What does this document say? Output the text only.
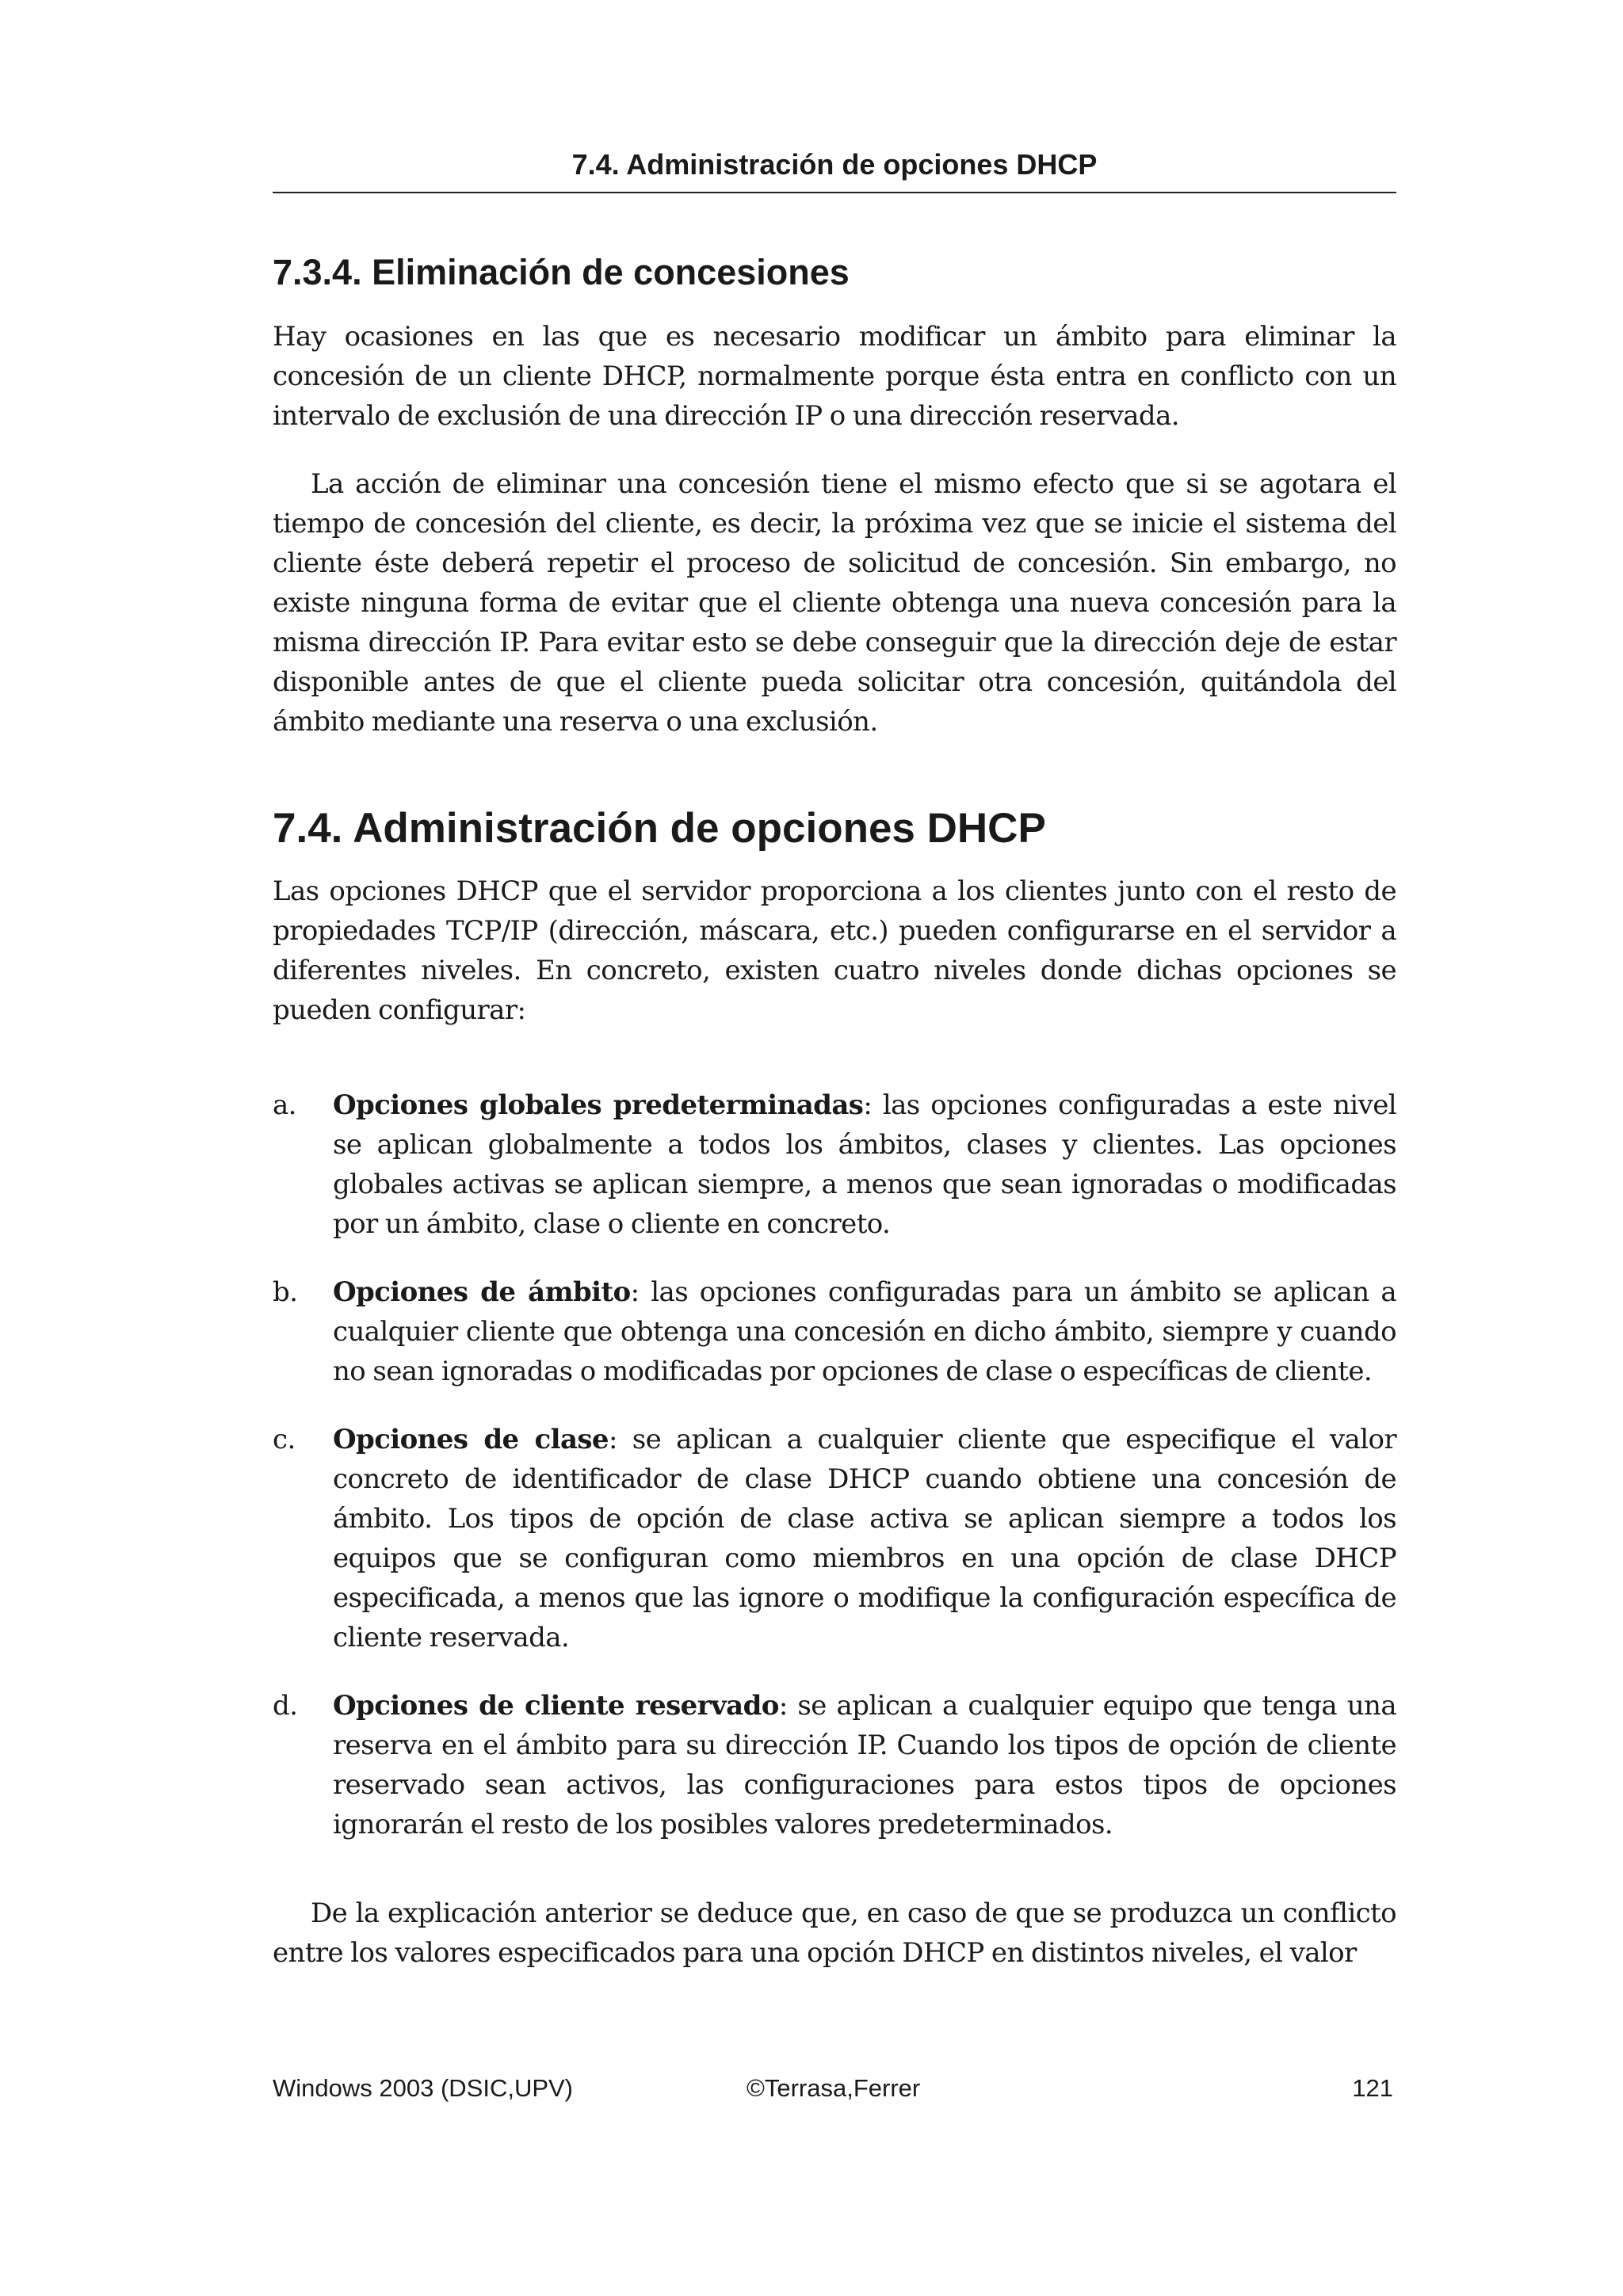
7.4. Administración de opciones DHCP
7.3.4. Eliminación de concesiones

Hay ocasiones en las que es necesario modificar un ámbito para eliminar la concesión de un cliente DHCP, normalmente porque ésta entra en conflicto con un intervalo de exclusión de una dirección IP o una dirección reservada.

La acción de eliminar una concesión tiene el mismo efecto que si se agotara el tiempo de concesión del cliente, es decir, la próxima vez que se inicie el sistema del cliente éste deberá repetir el proceso de solicitud de concesión. Sin embargo, no existe ninguna forma de evitar que el cliente obtenga una nueva concesión para la misma dirección IP. Para evitar esto se debe conseguir que la dirección deje de estar disponible antes de que el cliente pueda solicitar otra concesión, quitándola del ámbito mediante una reserva o una exclusión.

7.4. Administración de opciones DHCP

Las opciones DHCP que el servidor proporciona a los clientes junto con el resto de propiedades TCP/IP (dirección, máscara, etc.) pueden configurarse en el servidor a diferentes niveles. En concreto, existen cuatro niveles donde dichas opciones se pueden configurar:

a. Opciones globales predeterminadas: las opciones configuradas a este nivel se aplican globalmente a todos los ámbitos, clases y clientes. Las opciones globales activas se aplican siempre, a menos que sean ignoradas o modificadas por un ámbito, clase o cliente en concreto.

b. Opciones de ámbito: las opciones configuradas para un ámbito se aplican a cualquier cliente que obtenga una concesión en dicho ámbito, siempre y cuando no sean ignoradas o modificadas por opciones de clase o específicas de cliente.

c. Opciones de clase: se aplican a cualquier cliente que especifique el valor concreto de identificador de clase DHCP cuando obtiene una concesión de ámbito. Los tipos de opción de clase activa se aplican siempre a todos los equipos que se configuran como miembros en una opción de clase DHCP especificada, a menos que las ignore o modifique la configuración específica de cliente reservada.

d. Opciones de cliente reservado: se aplican a cualquier equipo que tenga una reserva en el ámbito para su dirección IP. Cuando los tipos de opción de cliente reservado sean activos, las configuraciones para estos tipos de opciones ignorarán el resto de los posibles valores predeterminados.

De la explicación anterior se deduce que, en caso de que se produzca un conflicto entre los valores especificados para una opción DHCP en distintos niveles, el valor

Windows 2003 (DSIC,UPV)	©Terrasa,Ferrer	121
